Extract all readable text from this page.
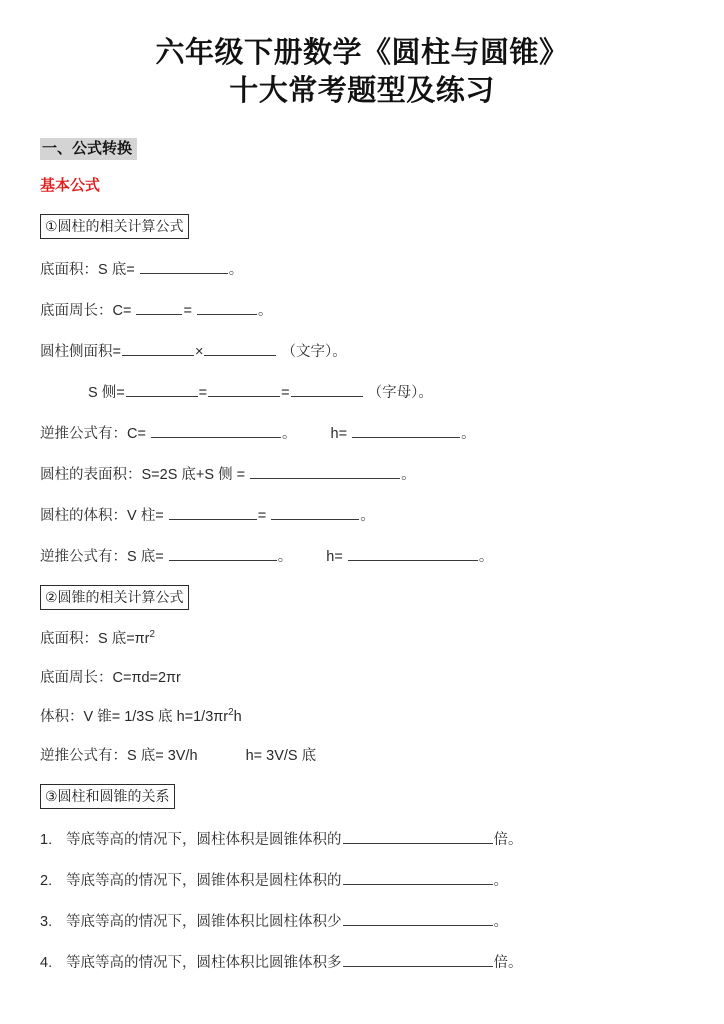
六年级下册数学《圆柱与圆锥》
十大常考题型及练习
一、公式转换
基本公式
①圆柱的相关计算公式
底面积：S 底=	。
底面周长：C=	=	。
圆柱侧面积=	×	（文字）。
S 侧=	=	=	（字母）。
逆推公式有：C=	。 h=	。
圆柱的表面积：S=2S 底+S 侧 =	。
圆柱的体积：V 柱=	=	。
逆推公式有：S 底=	。 h=	。
②圆锥的相关计算公式
底面积：S 底$=\pi r^2$
底面周长：C=πd=2πr
体积：V 锥= 1/3S 底 $h=1/3\pi r^2h$
逆推公式有：S 底= 3V/h	h= 3V/S 底
③圆柱和圆锥的关系
1. 等底等高的情况下，圆柱体积是圆锥体积的	倍。
2. 等底等高的情况下，圆锥体积是圆柱体积的	。
3. 等底等高的情况下，圆锥体积比圆柱体积少	。
4. 等底等高的情况下，圆柱体积比圆锥体积多	倍。
